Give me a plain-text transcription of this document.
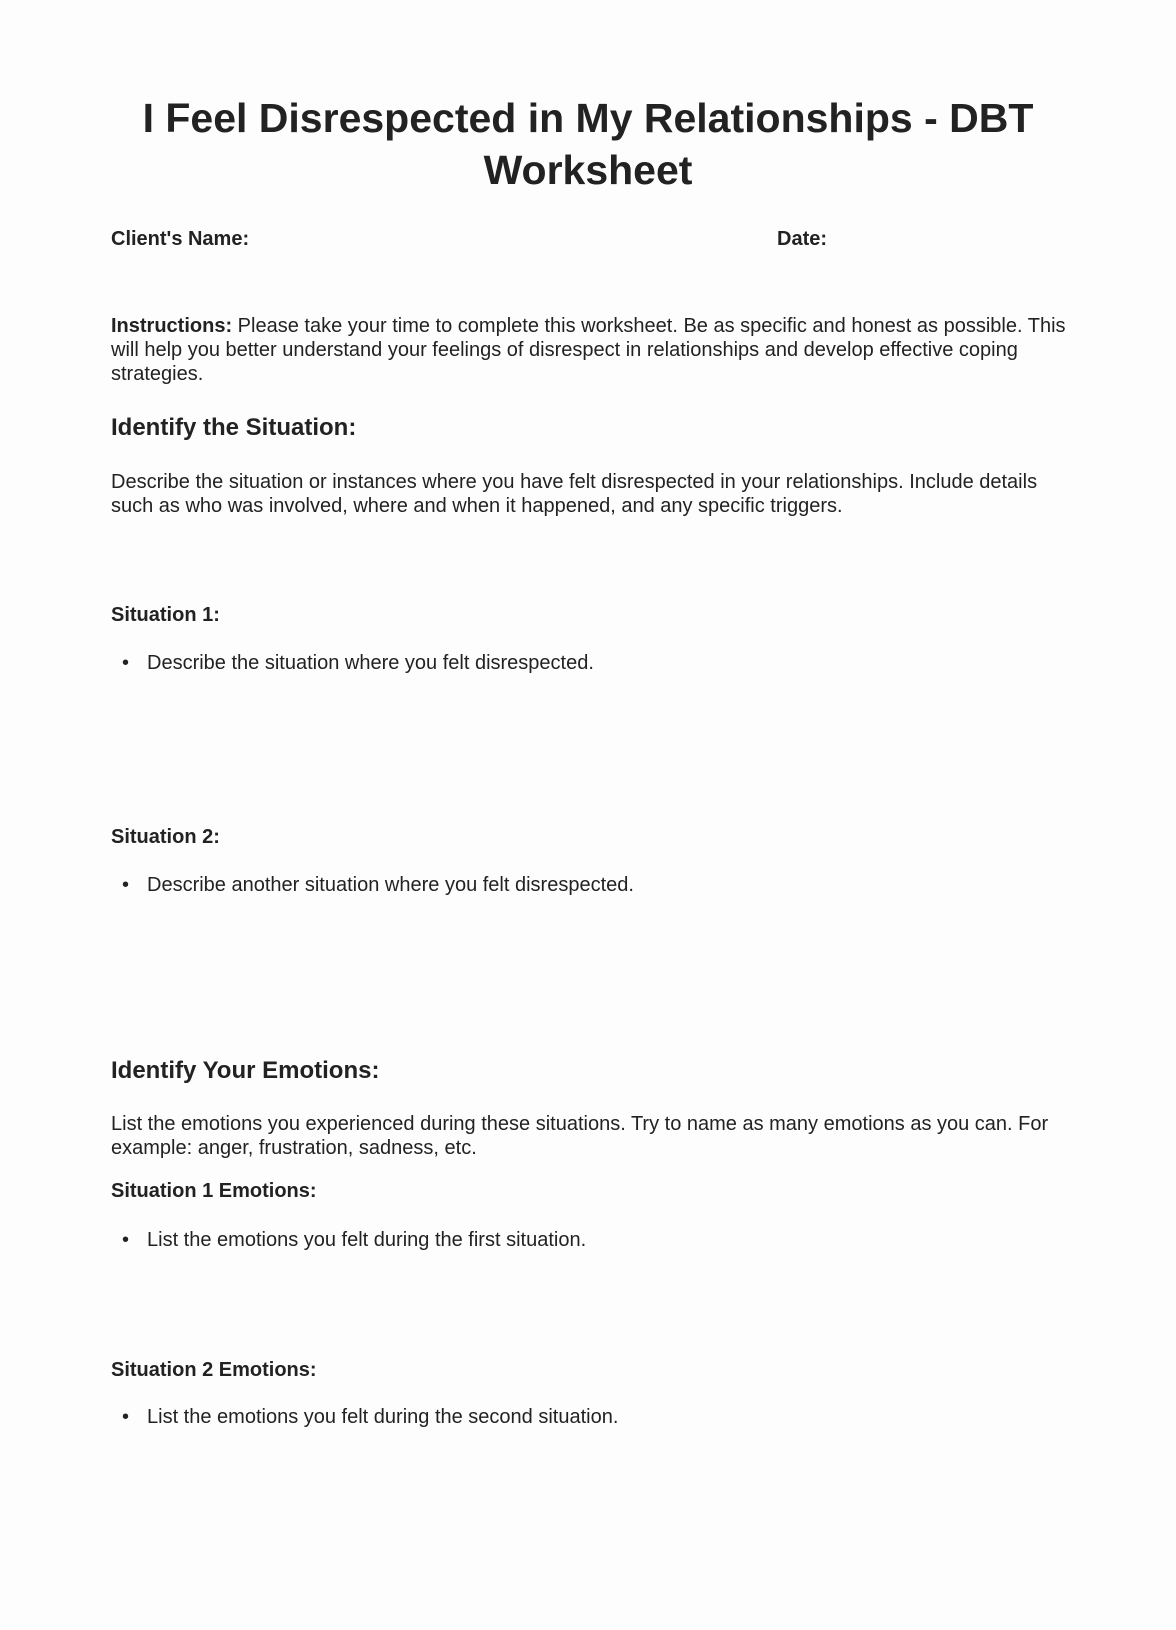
I Feel Disrespected in My Relationships - DBT Worksheet

Client's Name:	Date:

Instructions: Please take your time to complete this worksheet. Be as specific and honest as possible. This will help you better understand your feelings of disrespect in relationships and develop effective coping strategies.

Identify the Situation:

Describe the situation or instances where you have felt disrespected in your relationships. Include details such as who was involved, where and when it happened, and any specific triggers.

Situation 1:

• Describe the situation where you felt disrespected.

Situation 2:

• Describe another situation where you felt disrespected.

Identify Your Emotions:

List the emotions you experienced during these situations. Try to name as many emotions as you can. For example: anger, frustration, sadness, etc.

Situation 1 Emotions:

• List the emotions you felt during the first situation.

Situation 2 Emotions:

• List the emotions you felt during the second situation.
